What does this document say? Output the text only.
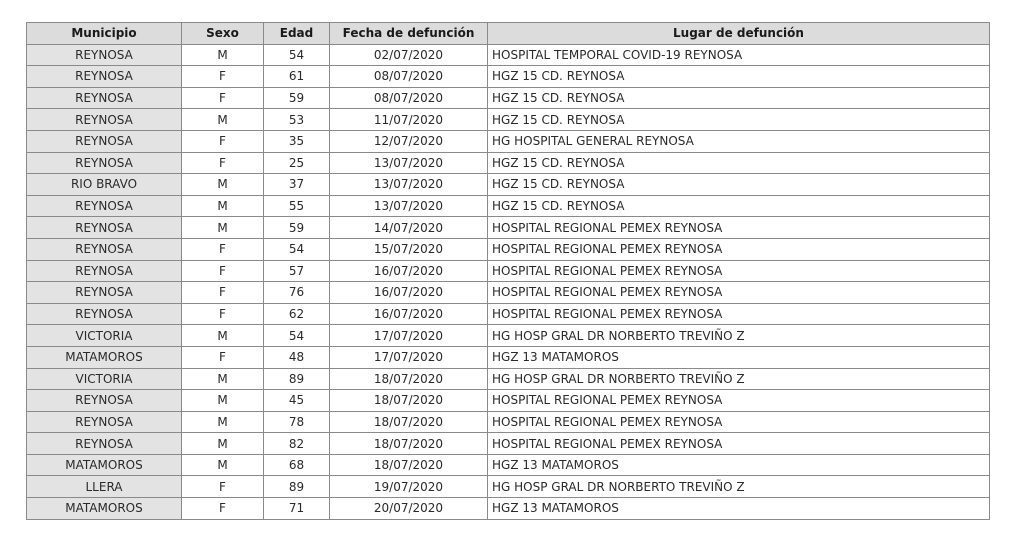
Municipio	Sexo	Edad	Fecha de defunción	Lugar de defunción
REYNOSA	M	54	02/07/2020	HOSPITAL TEMPORAL COVID-19 REYNOSA
REYNOSA	F	61	08/07/2020	HGZ 15 CD. REYNOSA
REYNOSA	F	59	08/07/2020	HGZ 15 CD. REYNOSA
REYNOSA	M	53	11/07/2020	HGZ 15 CD. REYNOSA
REYNOSA	F	35	12/07/2020	HG HOSPITAL GENERAL REYNOSA
REYNOSA	F	25	13/07/2020	HGZ 15 CD. REYNOSA
RIO BRAVO	M	37	13/07/2020	HGZ 15 CD. REYNOSA
REYNOSA	M	55	13/07/2020	HGZ 15 CD. REYNOSA
REYNOSA	M	59	14/07/2020	HOSPITAL REGIONAL PEMEX REYNOSA
REYNOSA	F	54	15/07/2020	HOSPITAL REGIONAL PEMEX REYNOSA
REYNOSA	F	57	16/07/2020	HOSPITAL REGIONAL PEMEX REYNOSA
REYNOSA	F	76	16/07/2020	HOSPITAL REGIONAL PEMEX REYNOSA
REYNOSA	F	62	16/07/2020	HOSPITAL REGIONAL PEMEX REYNOSA
VICTORIA	M	54	17/07/2020	HG HOSP GRAL DR NORBERTO TREVIÑO Z
MATAMOROS	F	48	17/07/2020	HGZ 13 MATAMOROS
VICTORIA	M	89	18/07/2020	HG HOSP GRAL DR NORBERTO TREVIÑO Z
REYNOSA	M	45	18/07/2020	HOSPITAL REGIONAL PEMEX REYNOSA
REYNOSA	M	78	18/07/2020	HOSPITAL REGIONAL PEMEX REYNOSA
REYNOSA	M	82	18/07/2020	HOSPITAL REGIONAL PEMEX REYNOSA
MATAMOROS	M	68	18/07/2020	HGZ 13 MATAMOROS
LLERA	F	89	19/07/2020	HG HOSP GRAL DR NORBERTO TREVIÑO Z
MATAMOROS	F	71	20/07/2020	HGZ 13 MATAMOROS
